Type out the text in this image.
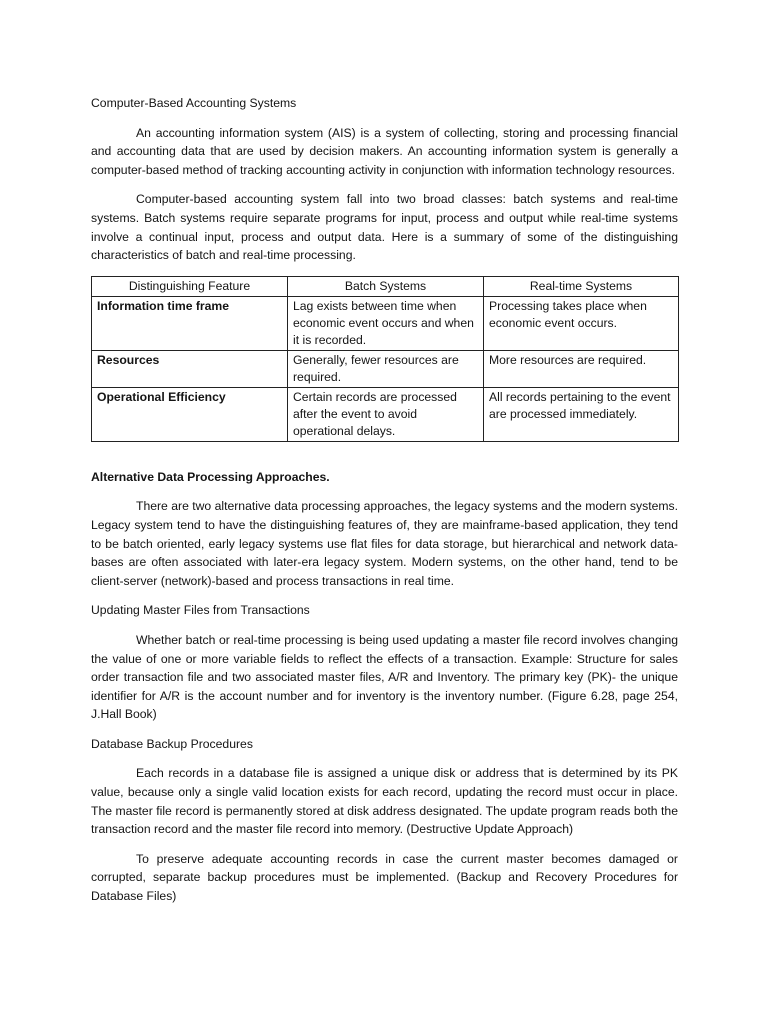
Computer-Based Accounting Systems

An accounting information system (AIS) is a system of collecting, storing and processing financial and accounting data that are used by decision makers. An accounting information system is generally a computer-based method of tracking accounting activity in conjunction with information technology resources.

Computer-based accounting system fall into two broad classes: batch systems and real-time systems. Batch systems require separate programs for input, process and output while real-time systems involve a continual input, process and output data. Here is a summary of some of the distinguishing characteristics of batch and real-time processing.

Distinguishing Feature	Batch Systems	Real-time Systems
Information time frame	Lag exists between time when economic event occurs and when it is recorded.	Processing takes place when economic event occurs.
Resources	Generally, fewer resources are required.	More resources are required.
Operational Efficiency	Certain records are processed after the event to avoid operational delays.	All records pertaining to the event are processed immediately.

Alternative Data Processing Approaches.

There are two alternative data processing approaches, the legacy systems and the modern systems. Legacy system tend to have the distinguishing features of, they are mainframe-based application, they tend to be batch oriented, early legacy systems use flat files for data storage, but hierarchical and network data-bases are often associated with later-era legacy system. Modern systems, on the other hand, tend to be client-server (network)-based and process transactions in real time.

Updating Master Files from Transactions

Whether batch or real-time processing is being used updating a master file record involves changing the value of one or more variable fields to reflect the effects of a transaction. Example: Structure for sales order transaction file and two associated master files, A/R and Inventory. The primary key (PK)- the unique identifier for A/R is the account number and for inventory is the inventory number. (Figure 6.28, page 254, J.Hall Book)

Database Backup Procedures

Each records in a database file is assigned a unique disk or address that is determined by its PK value, because only a single valid location exists for each record, updating the record must occur in place. The master file record is permanently stored at disk address designated. The update program reads both the transaction record and the master file record into memory. (Destructive Update Approach)

To preserve adequate accounting records in case the current master becomes damaged or corrupted, separate backup procedures must be implemented. (Backup and Recovery Procedures for Database Files)
